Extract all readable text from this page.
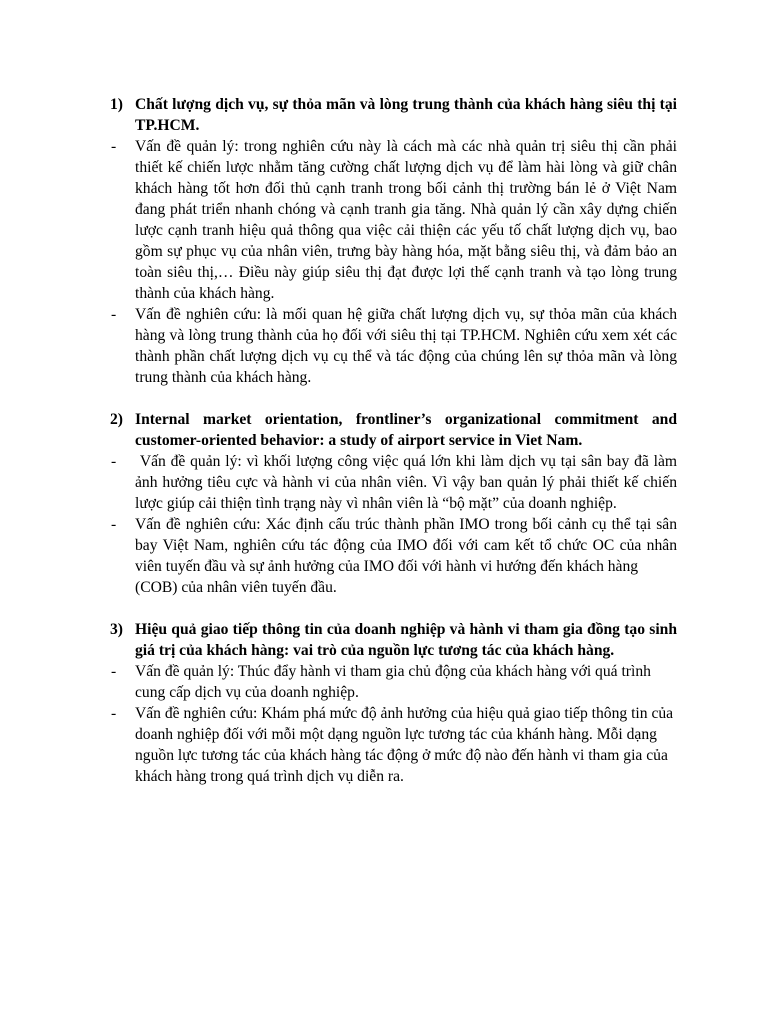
1) Chất lượng dịch vụ, sự thỏa mãn và lòng trung thành của khách hàng siêu thị tại TP.HCM.
- Vấn đề quản lý: trong nghiên cứu này là cách mà các nhà quản trị siêu thị cần phải thiết kế chiến lược nhằm tăng cường chất lượng dịch vụ để làm hài lòng và giữ chân khách hàng tốt hơn đối thủ cạnh tranh trong bối cảnh thị trường bán lẻ ở Việt Nam đang phát triển nhanh chóng và cạnh tranh gia tăng. Nhà quản lý cần xây dựng chiến lược cạnh tranh hiệu quả thông qua việc cải thiện các yếu tố chất lượng dịch vụ, bao gồm sự phục vụ của nhân viên, trưng bày hàng hóa, mặt bằng siêu thị, và đảm bảo an toàn siêu thị,… Điều này giúp siêu thị đạt được lợi thế cạnh tranh và tạo lòng trung thành của khách hàng.
- Vấn đề nghiên cứu: là mối quan hệ giữa chất lượng dịch vụ, sự thỏa mãn của khách hàng và lòng trung thành của họ đối với siêu thị tại TP.HCM. Nghiên cứu xem xét các thành phần chất lượng dịch vụ cụ thể và tác động của chúng lên sự thỏa mãn và lòng trung thành của khách hàng.
2) Internal market orientation, frontliner’s organizational commitment and customer-oriented behavior: a study of airport service in Viet Nam.
- Vấn đề quản lý: vì khối lượng công việc quá lớn khi làm dịch vụ tại sân bay đã làm ảnh hưởng tiêu cực và hành vi của nhân viên. Vì vậy ban quản lý phải thiết kế chiến lược giúp cải thiện tình trạng này vì nhân viên là “bộ mặt” của doanh nghiệp.
- Vấn đề nghiên cứu: Xác định cấu trúc thành phần IMO trong bối cảnh cụ thể tại sân bay Việt Nam, nghiên cứu tác động của IMO đối với cam kết tổ chức OC của nhân viên tuyến đầu và sự ảnh hưởng của IMO đối với hành vi hướng đến khách hàng
(COB) của nhân viên tuyến đầu.
3) Hiệu quả giao tiếp thông tin của doanh nghiệp và hành vi tham gia đồng tạo sinh giá trị của khách hàng: vai trò của nguồn lực tương tác của khách hàng.
- Vấn đề quản lý: Thúc đẩy hành vi tham gia chủ động của khách hàng với quá trình cung cấp dịch vụ của doanh nghiệp.
- Vấn đề nghiên cứu: Khám phá mức độ ảnh hưởng của hiệu quả giao tiếp thông tin của doanh nghiệp đối với mỗi một dạng nguồn lực tương tác của khánh hàng. Mỗi dạng nguồn lực tương tác của khách hàng tác động ở mức độ nào đến hành vi tham gia của khách hàng trong quá trình dịch vụ diễn ra.
